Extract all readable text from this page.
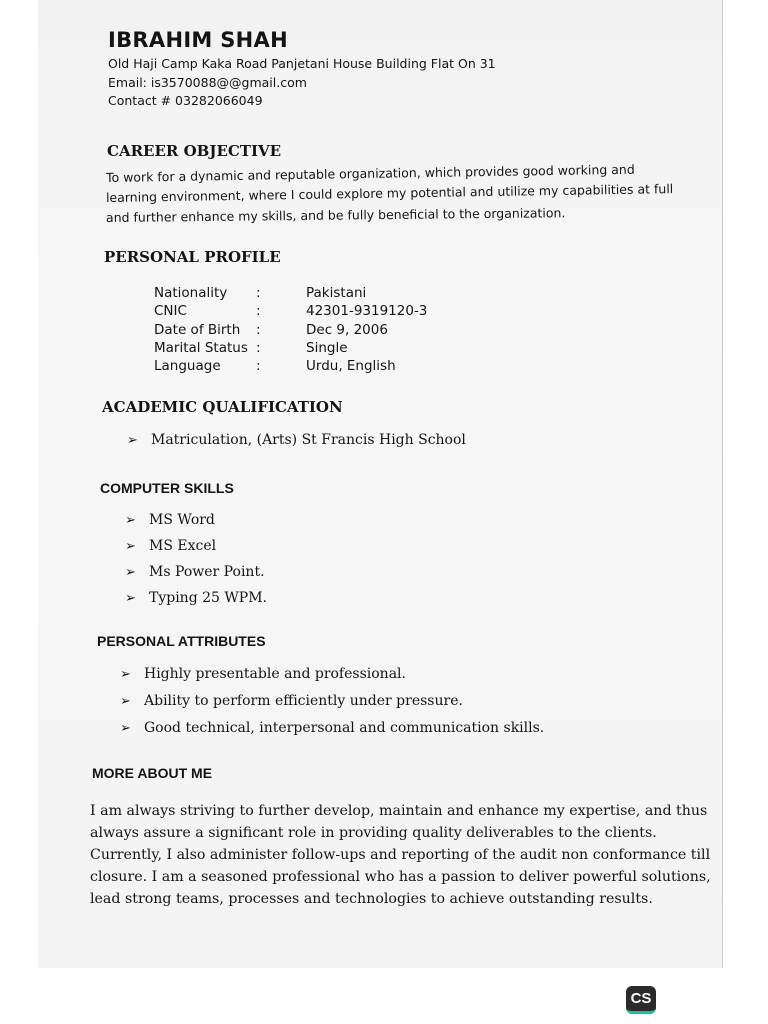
IBRAHIM SHAH
Old Haji Camp Kaka Road Panjetani House Building Flat On 31
Email: is3570088@@gmail.com
Contact # 03282066049
CAREER OBJECTIVE
To work for a dynamic and reputable organization, which provides good working and
learning environment, where I could explore my potential and utilize my capabilities at full
and further enhance my skills, and be fully beneficial to the organization.
PERSONAL PROFILE
Nationality :	Pakistani
CNIC	:	42301-9319120-3
Date of Birth :	Dec 9, 2006
Marital Status :	Single
Language	:	Urdu, English
ACADEMIC QUALIFICATION
➢ Matriculation, (Arts) St Francis High School
COMPUTER SKILLS
➢ MS Word
➢ MS Excel
➢ Ms Power Point.
➢ Typing 25 WPM.
PERSONAL ATTRIBUTES
➢ Highly presentable and professional.
➢ Ability to perform efficiently under pressure.
➢ Good technical, interpersonal and communication skills.
MORE ABOUT ME
I am always striving to further develop, maintain and enhance my expertise, and thus
always assure a significant role in providing quality deliverables to the clients.
Currently, I also administer follow-ups and reporting of the audit non conformance till
closure. I am a seasoned professional who has a passion to deliver powerful solutions,
lead strong teams, processes and technologies to achieve outstanding results.
CS
